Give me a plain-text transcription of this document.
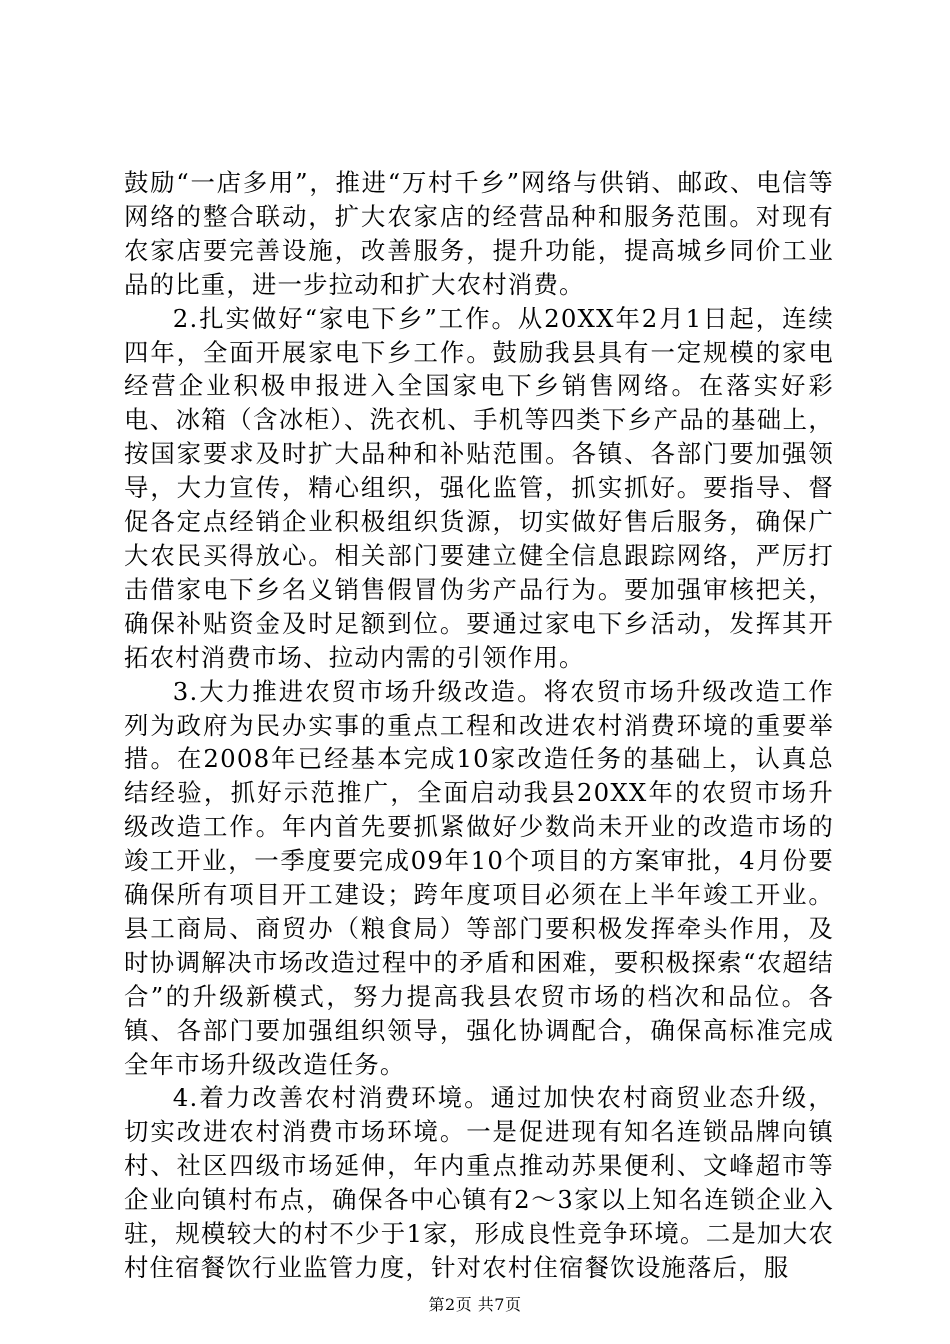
鼓励“一店多用”，推进“万村千乡”网络与供销、邮政、电信等网络的整合联动，扩大农家店的经营品种和服务范围。对现有农家店要完善设施，改善服务，提升功能，提高城乡同价工业品的比重，进一步拉动和扩大农村消费。

2.扎实做好“家电下乡”工作。从20XX年2月1日起，连续四年，全面开展家电下乡工作。鼓励我县具有一定规模的家电经营企业积极申报进入全国家电下乡销售网络。在落实好彩电、冰箱（含冰柜）、洗衣机、手机等四类下乡产品的基础上，按国家要求及时扩大品种和补贴范围。各镇、各部门要加强领导，大力宣传，精心组织，强化监管，抓实抓好。要指导、督促各定点经销企业积极组织货源，切实做好售后服务，确保广大农民买得放心。相关部门要建立健全信息跟踪网络，严厉打击借家电下乡名义销售假冒伪劣产品行为。要加强审核把关，确保补贴资金及时足额到位。要通过家电下乡活动，发挥其开拓农村消费市场、拉动内需的引领作用。

3.大力推进农贸市场升级改造。将农贸市场升级改造工作列为政府为民办实事的重点工程和改进农村消费环境的重要举措。在2008年已经基本完成10家改造任务的基础上，认真总结经验，抓好示范推广，全面启动我县20XX年的农贸市场升级改造工作。年内首先要抓紧做好少数尚未开业的改造市场的竣工开业，一季度要完成09年10个项目的方案审批，4月份要确保所有项目开工建设；跨年度项目必须在上半年竣工开业。县工商局、商贸办（粮食局）等部门要积极发挥牵头作用，及时协调解决市场改造过程中的矛盾和困难，要积极探索“农超结合”的升级新模式，努力提高我县农贸市场的档次和品位。各镇、各部门要加强组织领导，强化协调配合，确保高标准完成全年市场升级改造任务。

4.着力改善农村消费环境。通过加快农村商贸业态升级，切实改进农村消费市场环境。一是促进现有知名连锁品牌向镇村、社区四级市场延伸，年内重点推动苏果便利、文峰超市等企业向镇村布点，确保各中心镇有2～3家以上知名连锁企业入驻，规模较大的村不少于1家，形成良性竞争环境。二是加大农村住宿餐饮行业监管力度，针对农村住宿餐饮设施落后，服

第2页 共7页
